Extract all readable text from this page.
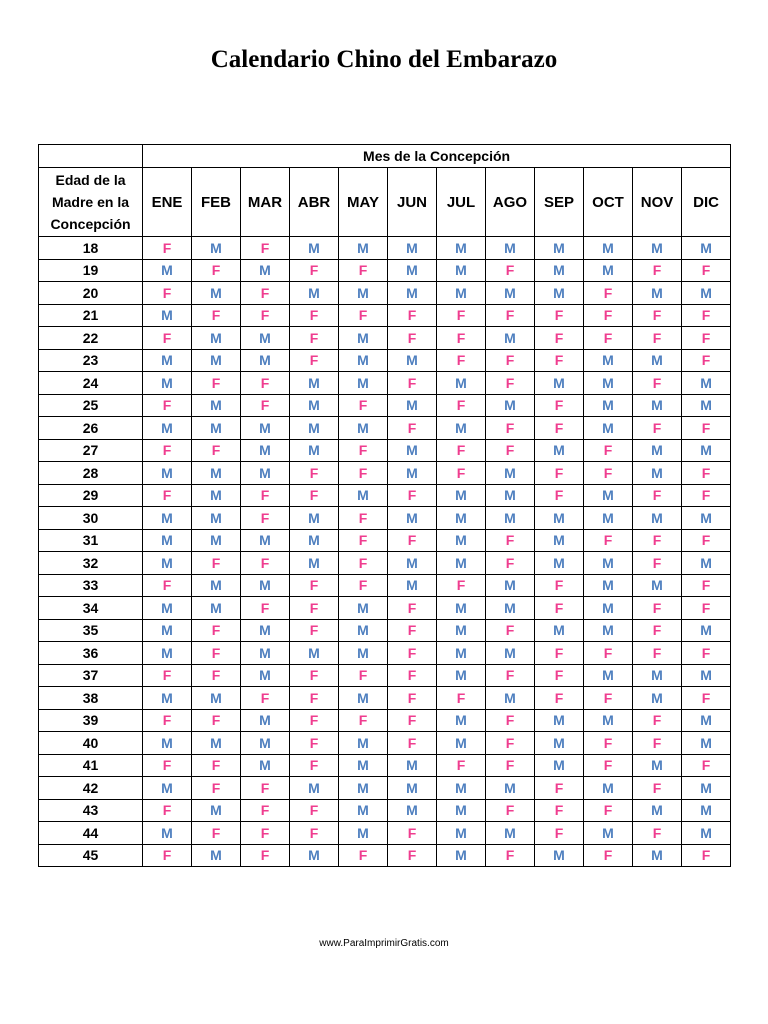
Calendario Chino del Embarazo
	Mes de la Concepción											
Edad de la Madre en la Concepción	ENE	FEB	MAR	ABR	MAY	JUN	JUL	AGO	SEP	OCT	NOV	DIC
18	F	M	F	M	M	M	M	M	M	M	M	M
19	M	F	M	F	F	M	M	F	M	M	F	F
20	F	M	F	M	M	M	M	M	M	F	M	M
21	M	F	F	F	F	F	F	F	F	F	F	F
22	F	M	M	F	M	F	F	M	F	F	F	F
23	M	M	M	F	M	M	F	F	F	M	M	F
24	M	F	F	M	M	F	M	F	M	M	F	M
25	F	M	F	M	F	M	F	M	F	M	M	M
26	M	M	M	M	M	F	M	F	F	M	F	F
27	F	F	M	M	F	M	F	F	M	F	M	M
28	M	M	M	F	F	M	F	M	F	F	M	F
29	F	M	F	F	M	F	M	M	F	M	F	F
30	M	M	F	M	F	M	M	M	M	M	M	M
31	M	M	M	M	F	F	M	F	M	F	F	F
32	M	F	F	M	F	M	M	F	M	M	F	M
33	F	M	M	F	F	M	F	M	F	M	M	F
34	M	M	F	F	M	F	M	M	F	M	F	F
35	M	F	M	F	M	F	M	F	M	M	F	M
36	M	F	M	M	M	F	M	M	F	F	F	F
37	F	F	M	F	F	F	M	F	F	M	M	M
38	M	M	F	F	M	F	F	M	F	F	M	F
39	F	F	M	F	F	F	M	F	M	M	F	M
40	M	M	M	F	M	F	M	F	M	F	F	M
41	F	F	M	F	M	M	F	F	M	F	M	F
42	M	F	F	M	M	M	M	M	F	M	F	M
43	F	M	F	F	M	M	M	F	F	F	M	M
44	M	F	F	F	M	F	M	M	F	M	F	M
45	F	M	F	M	F	F	M	F	M	F	M	F
www.ParaImprimirGratis.com
